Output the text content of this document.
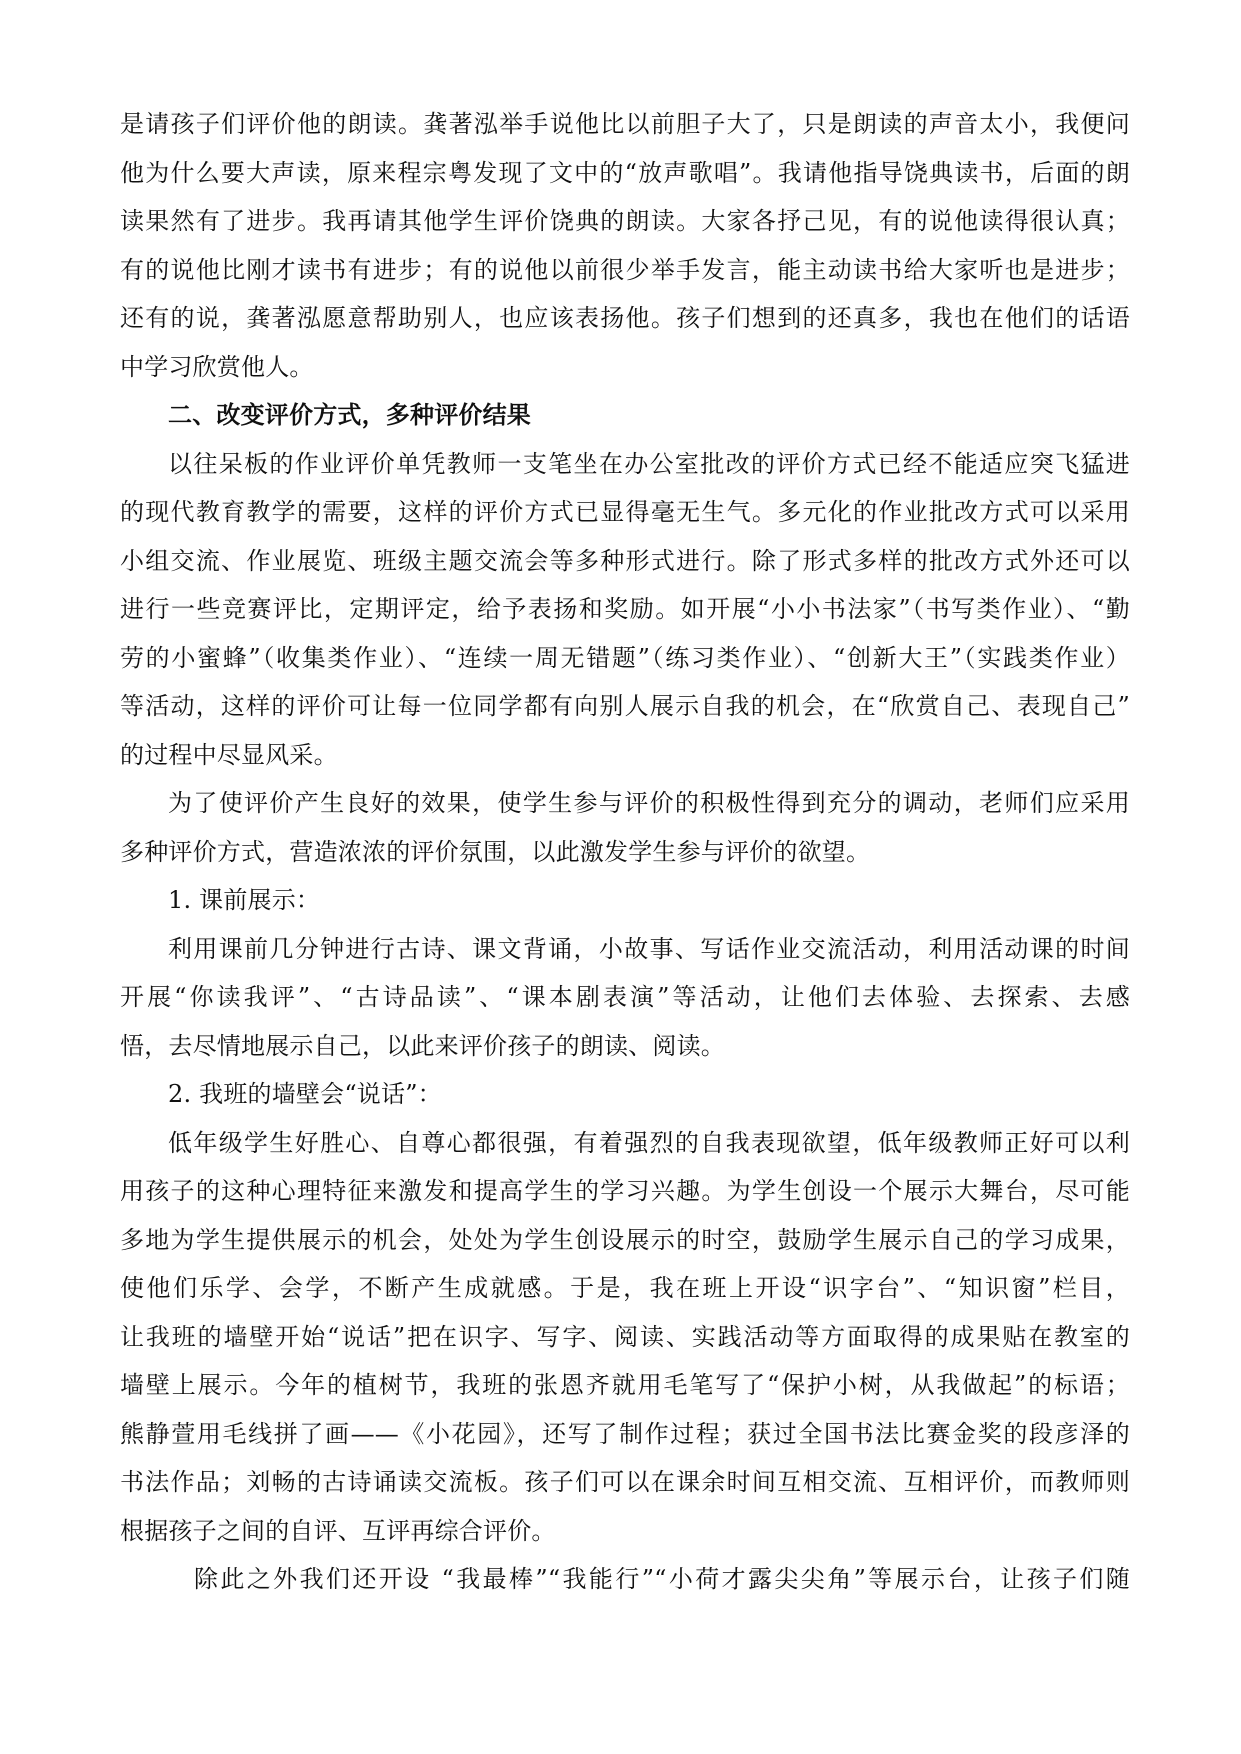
是请孩子们评价他的朗读。龚著泓举手说他比以前胆子大了，只是朗读的声音太小，我便问
他为什么要大声读，原来程宗粤发现了文中的“放声歌唱”。我请他指导饶典读书，后面的朗
读果然有了进步。我再请其他学生评价饶典的朗读。大家各抒己见，有的说他读得很认真；
有的说他比刚才读书有进步；有的说他以前很少举手发言，能主动读书给大家听也是进步；
还有的说，龚著泓愿意帮助别人，也应该表扬他。孩子们想到的还真多，我也在他们的话语
中学习欣赏他人。
二、改变评价方式，多种评价结果
以往呆板的作业评价单凭教师一支笔坐在办公室批改的评价方式已经不能适应突飞猛进
的现代教育教学的需要，这样的评价方式已显得毫无生气。多元化的作业批改方式可以采用
小组交流、作业展览、班级主题交流会等多种形式进行。除了形式多样的批改方式外还可以
进行一些竞赛评比，定期评定，给予表扬和奖励。如开展“小小书法家”（书写类作业）、“勤
劳的小蜜蜂”（收集类作业）、“连续一周无错题”（练习类作业）、“创新大王”（实践类作业）
等活动，这样的评价可让每一位同学都有向别人展示自我的机会，在“欣赏自己、表现自己”
的过程中尽显风采。
为了使评价产生良好的效果，使学生参与评价的积极性得到充分的调动，老师们应采用
多种评价方式，营造浓浓的评价氛围，以此激发学生参与评价的欲望。
1. 课前展示：
利用课前几分钟进行古诗、课文背诵，小故事、写话作业交流活动，利用活动课的时间
开展“你读我评”、“古诗品读”、“课本剧表演”等活动，让他们去体验、去探索、去感
悟，去尽情地展示自己，以此来评价孩子的朗读、阅读。
2. 我班的墙壁会“说话”：
低年级学生好胜心、自尊心都很强，有着强烈的自我表现欲望，低年级教师正好可以利
用孩子的这种心理特征来激发和提高学生的学习兴趣。为学生创设一个展示大舞台，尽可能
多地为学生提供展示的机会，处处为学生创设展示的时空，鼓励学生展示自己的学习成果，
使他们乐学、会学，不断产生成就感。于是，我在班上开设“识字台”、“知识窗”栏目，
让我班的墙壁开始“说话”把在识字、写字、阅读、实践活动等方面取得的成果贴在教室的
墙壁上展示。今年的植树节，我班的张恩齐就用毛笔写了“保护小树，从我做起”的标语；
熊静萱用毛线拼了画——《小花园》，还写了制作过程；获过全国书法比赛金奖的段彦泽的
书法作品；刘畅的古诗诵读交流板。孩子们可以在课余时间互相交流、互相评价，而教师则
根据孩子之间的自评、互评再综合评价。
除此之外我们还开设 “我最棒”“我能行”“小荷才露尖尖角”等展示台，让孩子们随
